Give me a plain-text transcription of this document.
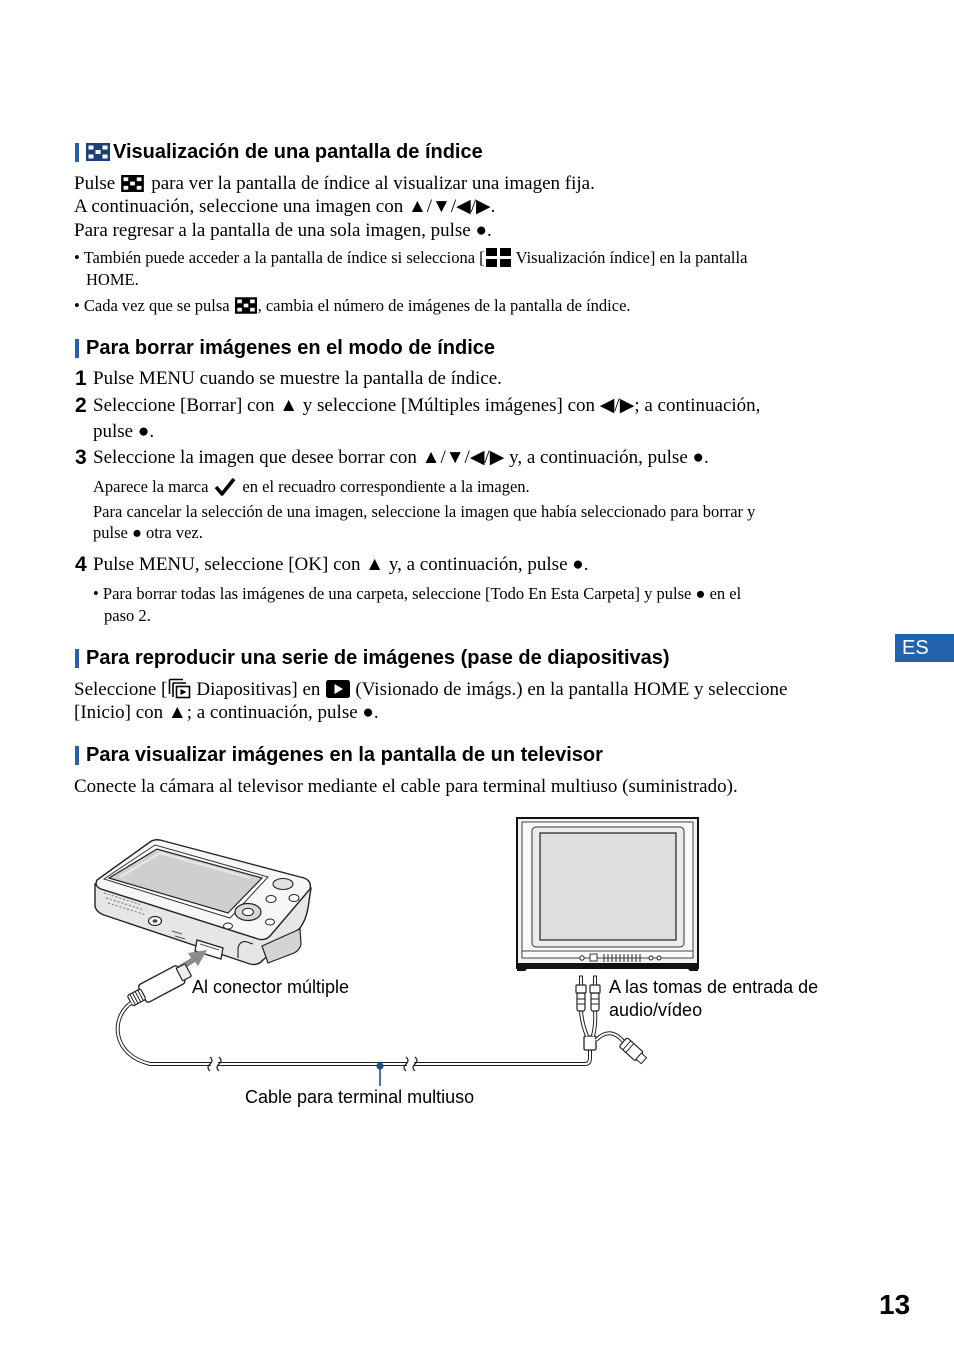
Visualización de una pantalla de índice
Pulse para ver la pantalla de índice al visualizar una imagen fija.
A continuación, seleccione una imagen con ▲/▼/◀/▶.
Para regresar a la pantalla de una sola imagen, pulse ●.
• También puede acceder a la pantalla de índice si selecciona [ Visualización índice] en la pantalla
HOME.
• Cada vez que se pulsa , cambia el número de imágenes de la pantalla de índice.
Para borrar imágenes en el modo de índice
1 Pulse MENU cuando se muestre la pantalla de índice.
2 Seleccione [Borrar] con ▲ y seleccione [Múltiples imágenes] con ◀/▶; a continuación,
pulse ●.
3 Seleccione la imagen que desee borrar con ▲/▼/◀/▶ y, a continuación, pulse ●.
Aparece la marca en el recuadro correspondiente a la imagen.
Para cancelar la selección de una imagen, seleccione la imagen que había seleccionado para borrar y
pulse ● otra vez.
4 Pulse MENU, seleccione [OK] con ▲ y, a continuación, pulse ●.
• Para borrar todas las imágenes de una carpeta, seleccione [Todo En Esta Carpeta] y pulse ● en el
paso 2.
ES
Para reproducir una serie de imágenes (pase de diapositivas)
Seleccione [ Diapositivas] en (Visionado de imágs.) en la pantalla HOME y seleccione
[Inicio] con ▲; a continuación, pulse ●.
Para visualizar imágenes en la pantalla de un televisor
Conecte la cámara al televisor mediante el cable para terminal multiuso (suministrado).
Al conector múltiple	A las tomas de entrada de
audio/vídeo
Cable para terminal multiuso
13
